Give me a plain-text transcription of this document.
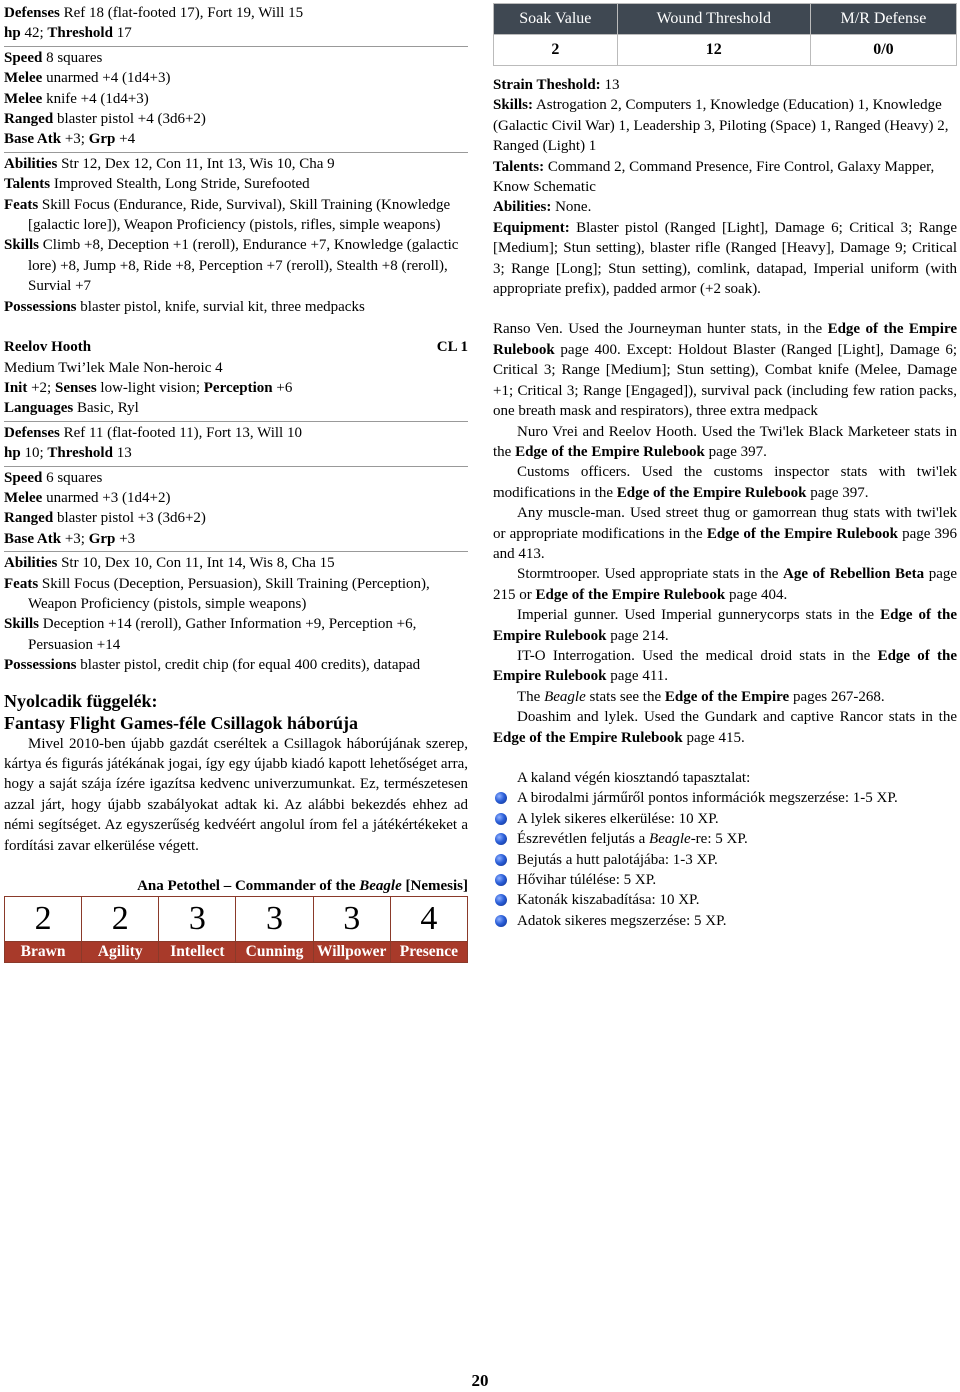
Defenses Ref 18 (flat-footed 17), Fort 19, Will 15

hp 42; Threshold 17

Speed 8 squares

Melee unarmed +4 (1d4+3)

Melee knife +4 (1d4+3)

Ranged blaster pistol +4 (3d6+2)

Base Atk +3; Grp +4

Abilities Str 12, Dex 12, Con 11, Int 13, Wis 10, Cha 9

Talents Improved Stealth, Long Stride, Surefooted

Feats Skill Focus (Endurance, Ride, Survival), Skill Training (Knowledge [galactic lore]), Weapon Proficiency (pistols, rifles, simple weapons)

Skills Climb +8, Deception +1 (reroll), Endurance +7, Knowledge (galactic lore) +8, Jump +8, Ride +8, Perception +7 (reroll), Stealth +8 (reroll), Survial +7

Possessions blaster pistol, knife, survial kit, three medpacks

Reelov Hooth	CL 1

Medium Twi’lek Male Non-heroic 4

Init +2; Senses low-light vision; Perception +6

Languages Basic, Ryl

Defenses Ref 11 (flat-footed 11), Fort 13, Will 10

hp 10; Threshold 13

Speed 6 squares

Melee unarmed +3 (1d4+2)

Ranged blaster pistol +3 (3d6+2)

Base Atk +3; Grp +3

Abilities Str 10, Dex 10, Con 11, Int 14, Wis 8, Cha 15

Feats Skill Focus (Deception, Persuasion), Skill Training (Perception), Weapon Proficiency (pistols, simple weapons)

Skills Deception +14 (reroll), Gather Information +9, Perception +6, Persuasion +14

Possessions blaster pistol, credit chip (for equal 400 credits), datapad

Nyolcadik függelék:
Fantasy Flight Games-féle Csillagok háborúja

Mivel 2010-ben újabb gazdát cseréltek a Csillagok háborújának szerep, kártya és figurás játékának jogai, így egy újabb kiadó kapott lehetőséget arra, hogy a saját szája ízére igazítsa kedvenc univerzumunkat. Ez, természetesen azzal járt, hogy újabb szabályokat adtak ki. Az alábbi bekezdés ehhez ad némi segítséget. Az egyszerűség kedvéért angolul írom fel a játékértékeket a fordítási zavar elkerülése végett.

Ana Petothel – Commander of the Beagle [Nemesis]

2	2	3	3	3	4
Brawn	Agility	Intellect	Cunning	Willpower	Presence
Soak Value	Wound Threshold	M/R Defense
2	12	0/0

Strain Theshold: 13

Skills: Astrogation 2, Computers 1, Knowledge (Education) 1, Knowledge (Galactic Civil War) 1, Leadership 3, Piloting (Space) 1, Ranged (Heavy) 2, Ranged (Light) 1

Talents: Command 2, Command Presence, Fire Control, Galaxy Mapper, Know Schematic

Abilities: None.

Equipment: Blaster pistol (Ranged [Light], Damage 6; Critical 3; Range [Medium]; Stun setting), blaster rifle (Ranged [Heavy], Damage 9; Critical 3; Range [Long]; Stun setting), comlink, datapad, Imperial uniform (with appropriate prefix), padded armor (+2 soak).

Ranso Ven. Used the Journeyman hunter stats, in the Edge of the Empire Rulebook page 400. Except: Holdout Blaster (Ranged [Light], Damage 6; Critical 3; Range [Medium]; Stun setting), Combat knife (Melee, Damage +1; Critical 3; Range [Engaged]), survival pack (including few ration packs, one breath mask and respirators), three extra medpack

Nuro Vrei and Reelov Hooth. Used the Twi'lek Black Marketeer stats in the Edge of the Empire Rulebook page 397.

Customs officers. Used the customs inspector stats with twi'lek modifications in the Edge of the Empire Rulebook page 397.

Any muscle-man. Used street thug or gamorrean thug stats with twi'lek or appropriate modifications in the Edge of the Empire Rulebook page 396 and 413.

Stormtrooper. Used appropriate stats in the Age of Rebellion Beta page 215 or Edge of the Empire Rulebook page 404.

Imperial gunner. Used Imperial gunnerycorps stats in the Edge of the Empire Rulebook page 214.

IT-O Interrogation. Used the medical droid stats in the Edge of the Empire Rulebook page 411.

The Beagle stats see the Edge of the Empire pages 267-268.

Doashim and lylek. Used the Gundark and captive Rancor stats in the Edge of the Empire Rulebook page 415.

A kaland végén kiosztandó tapasztalat:

A birodalmi járműről pontos információk megszerzése: 1-5 XP.
A lylek sikeres elkerülése: 10 XP.
Észrevétlen feljutás a Beagle-re: 5 XP.
Bejutás a hutt palotájába: 1-3 XP.
Hővihar túlélése: 5 XP.
Katonák kiszabadítása: 10 XP.
Adatok sikeres megszerzése: 5 XP.
20
